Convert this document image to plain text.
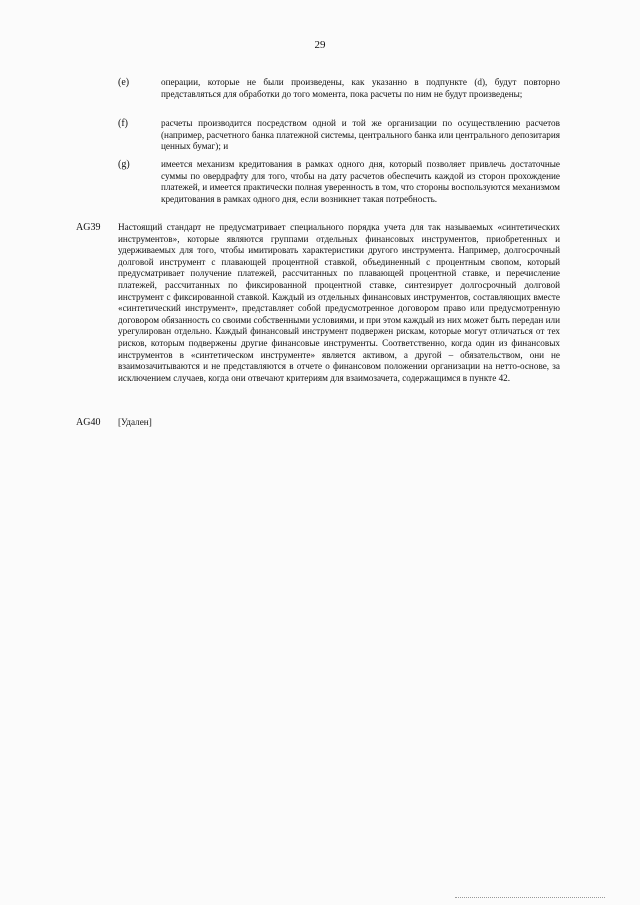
29
(e)	операции, которые не были произведены, как указанно в подпункте (d), будут повторно представляться для обработки до того момента, пока расчеты по ним не будут произведены;
(f)	расчеты производится посредством одной и той же организации по осуществлению расчетов (например, расчетного банка платежной системы, центрального банка или центрального депозитария ценных бумаг); и
(g)	имеется механизм кредитования в рамках одного дня, который позволяет привлечь достаточные суммы по овердрафту для того, чтобы на дату расчетов обеспечить каждой из сторон прохождение платежей, и имеется практически полная уверенность в том, что стороны воспользуются механизмом кредитования в рамках одного дня, если возникнет такая потребность.
AG39 Настоящий стандарт не предусматривает специального порядка учета для так называемых «синтетических инструментов», которые являются группами отдельных финансовых инструментов, приобретенных и удерживаемых для того, чтобы имитировать характеристики другого инструмента. Например, долгосрочный долговой инструмент с плавающей процентной ставкой, объединенный с процентным свопом, который предусматривает получение платежей, рассчитанных по плавающей процентной ставке, и перечисление платежей, рассчитанных по фиксированной процентной ставке, синтезирует долгосрочный долговой инструмент с фиксированной ставкой. Каждый из отдельных финансовых инструментов, составляющих вместе «синтетический инструмент», представляет собой предусмотренное договором право или предусмотренную договором обязанность со своими собственными условиями, и при этом каждый из них может быть передан или урегулирован отдельно. Каждый финансовый инструмент подвержен рискам, которые могут отличаться от тех рисков, которым подвержены другие финансовые инструменты. Соответственно, когда один из финансовых инструментов в «синтетическом инструменте» является активом, а другой – обязательством, они не взаимозачитываются и не представляются в отчете о финансовом положении организации на нетто-основе, за исключением случаев, когда они отвечают критериям для взаимозачета, содержащимся в пункте 42.
AG40 [Удален]
